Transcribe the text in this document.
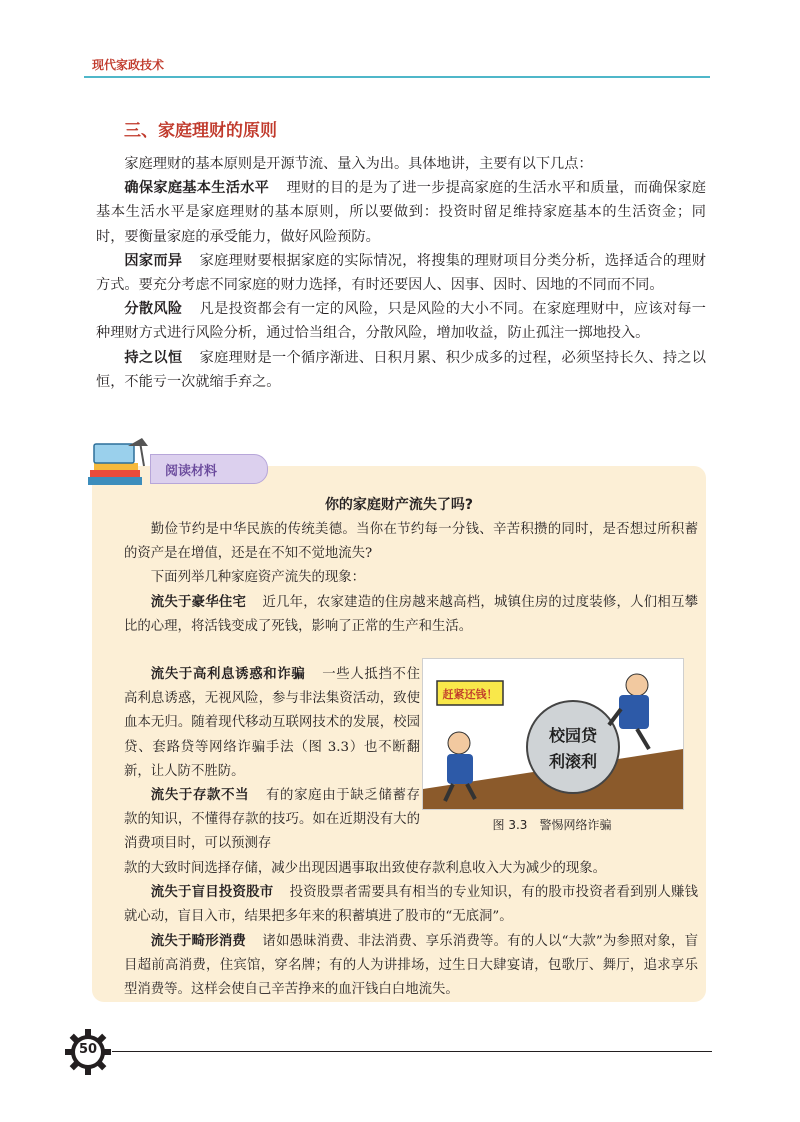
现代家政技术
三、家庭理财的原则

家庭理财的基本原则是开源节流、量入为出。具体地讲，主要有以下几点：

确保家庭基本生活水平 理财的目的是为了进一步提高家庭的生活水平和质量，而确保家庭基本生活水平是家庭理财的基本原则，所以要做到：投资时留足维持家庭基本的生活资金；同时，要衡量家庭的承受能力，做好风险预防。

因家而异 家庭理财要根据家庭的实际情况，将搜集的理财项目分类分析，选择适合的理财方式。要充分考虑不同家庭的财力选择，有时还要因人、因事、因时、因地的不同而不同。

分散风险 凡是投资都会有一定的风险，只是风险的大小不同。在家庭理财中，应该对每一种理财方式进行风险分析，通过恰当组合，分散风险，增加收益，防止孤注一掷地投入。

持之以恒 家庭理财是一个循序渐进、日积月累、积少成多的过程，必须坚持长久、持之以恒，不能亏一次就缩手弃之。

阅读材料
你的家庭财产流失了吗?

勤俭节约是中华民族的传统美德。当你在节约每一分钱、辛苦积攒的同时，是否想过所积蓄的资产是在增值，还是在不知不觉地流失?

下面列举几种家庭资产流失的现象：

流失于豪华住宅 近几年，农家建造的住房越来越高档，城镇住房的过度装修，人们相互攀比的心理，将活钱变成了死钱，影响了正常的生产和生活。

流失于高利息诱惑和诈骗 一些人抵挡不住高利息诱惑，无视风险，参与非法集资活动，致使血本无归。随着现代移动互联网技术的发展，校园贷、套路贷等网络诈骗手法（图 3.3）也不断翻新，让人防不胜防。

流失于存款不当 有的家庭由于缺乏储蓄存款的知识，不懂得存款的技巧。如在近期没有大的消费项目时，可以预测存

赶紧还钱！
校园贷
利滚利
图 3.3　警惕网络诈骗

款的大致时间选择存储，减少出现因遇事取出致使存款利息收入大为减少的现象。

流失于盲目投资股市 投资股票者需要具有相当的专业知识，有的股市投资者看到别人赚钱就心动，盲目入市，结果把多年来的积蓄填进了股市的“无底洞”。

流失于畸形消费 诸如愚昧消费、非法消费、享乐消费等。有的人以“大款”为参照对象，盲目超前高消费，住宾馆，穿名牌；有的人为讲排场，过生日大肆宴请，包歌厅、舞厅，追求享乐型消费等。这样会使自己辛苦挣来的血汗钱白白地流失。

50
